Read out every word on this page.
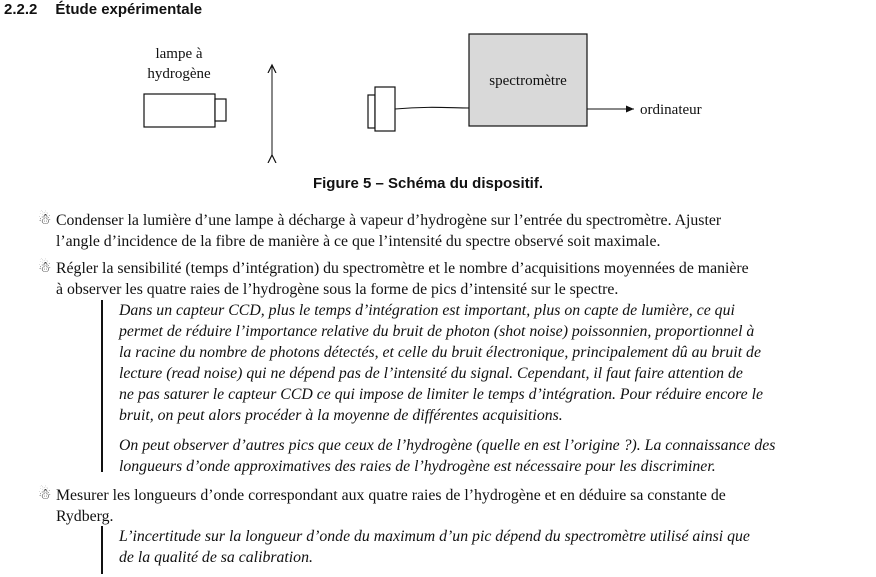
2.2.2 Étude expérimentale
lampe à
hydrogène	spectromètre
ordinateur
Figure 5 – Schéma du dispositif.
☃ Condenser la lumière d’une lampe à décharge à vapeur d’hydrogène sur l’entrée du spectromètre. Ajuster
l’angle d’incidence de la fibre de manière à ce que l’intensité du spectre observé soit maximale.
☃ Régler la sensibilité (temps d’intégration) du spectromètre et le nombre d’acquisitions moyennées de manière
à observer les quatre raies de l’hydrogène sous la forme de pics d’intensité sur le spectre.

Dans un capteur CCD, plus le temps d’intégration est important, plus on capte de lumière, ce qui
permet de réduire l’importance relative du bruit de photon (shot noise) poissonnien, proportionnel à
la racine du nombre de photons détectés, et celle du bruit électronique, principalement dû au bruit de
lecture (read noise) qui ne dépend pas de l’intensité du signal. Cependant, il faut faire attention de
ne pas saturer le capteur CCD ce qui impose de limiter le temps d’intégration. Pour réduire encore le
bruit, on peut alors procéder à la moyenne de différentes acquisitions.

On peut observer d’autres pics que ceux de l’hydrogène (quelle en est l’origine ?). La connaissance des
longueurs d’onde approximatives des raies de l’hydrogène est nécessaire pour les discriminer.

☃ Mesurer les longueurs d’onde correspondant aux quatre raies de l’hydrogène et en déduire sa constante de
Rydberg.

L’incertitude sur la longueur d’onde du maximum d’un pic dépend du spectromètre utilisé ainsi que
de la qualité de sa calibration.
